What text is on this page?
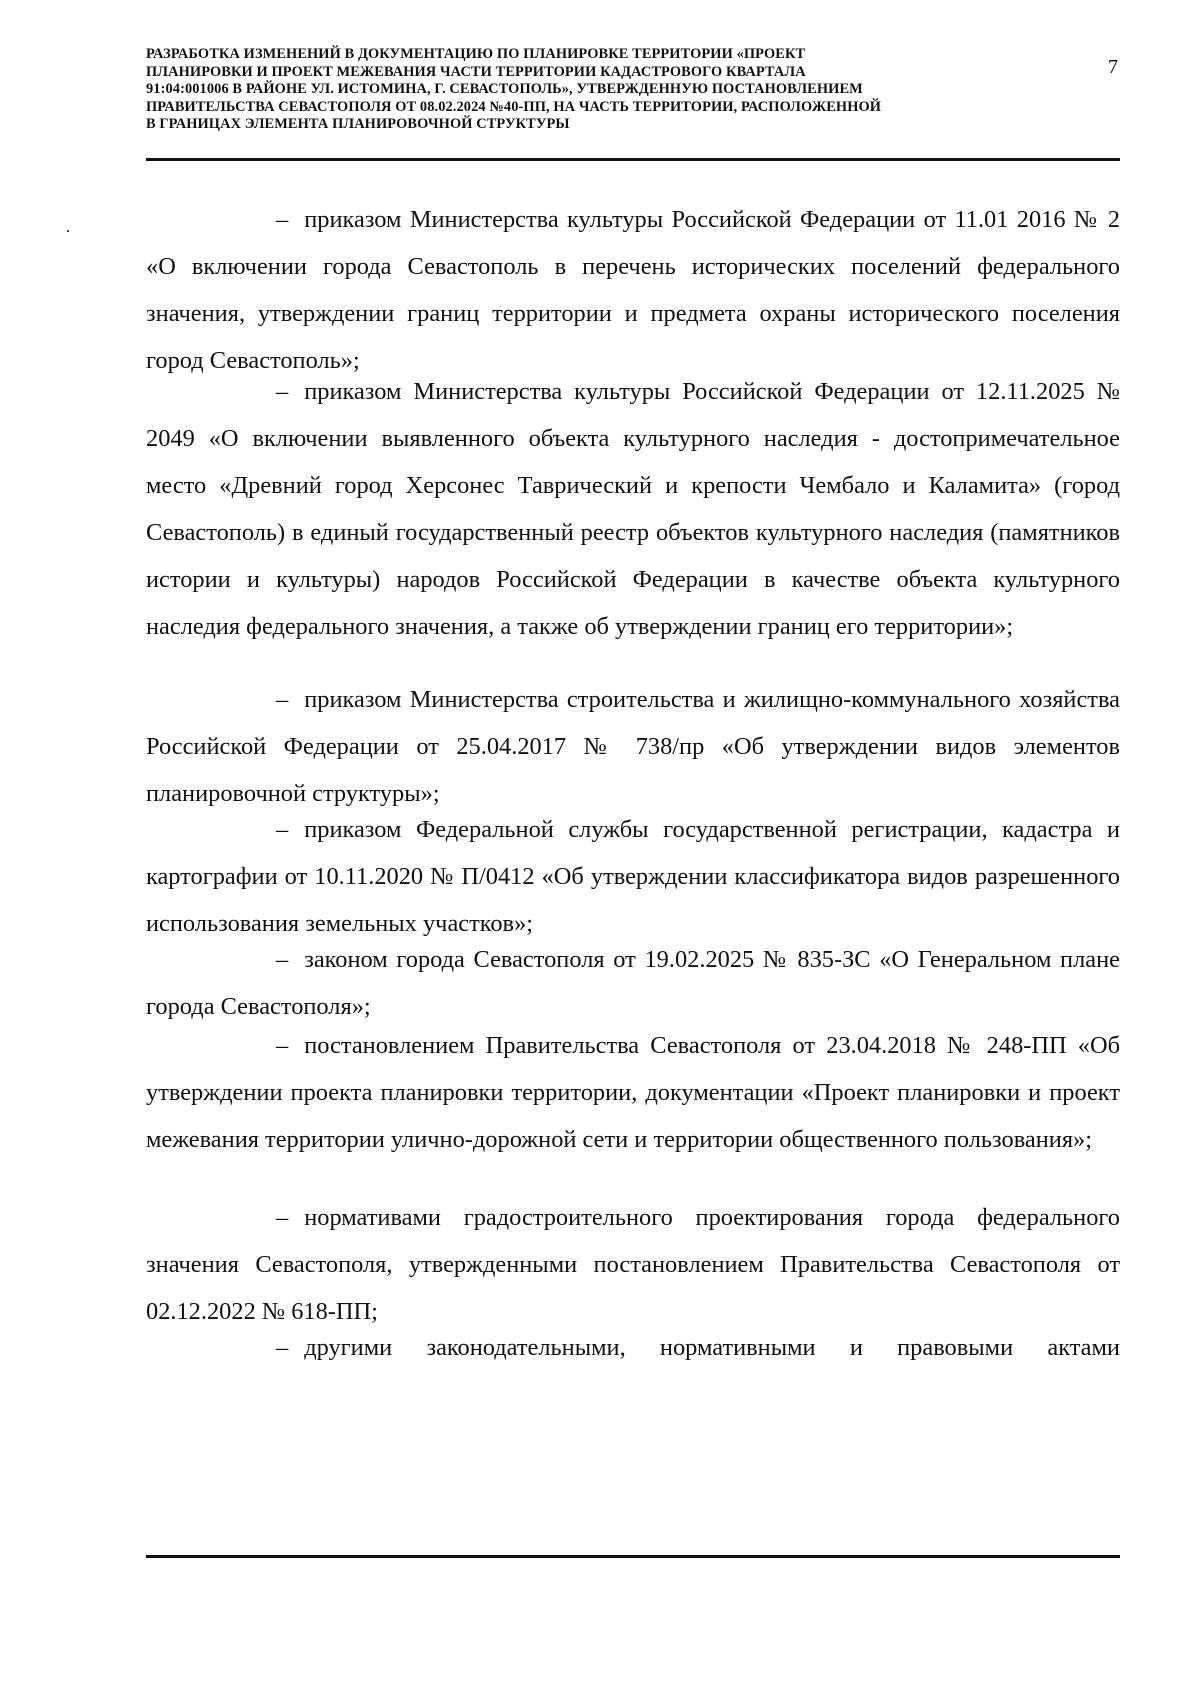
РАЗРАБОТКА ИЗМЕНЕНИЙ В ДОКУМЕНТАЦИЮ ПО ПЛАНИРОВКЕ ТЕРРИТОРИИ «ПРОЕКТ
ПЛАНИРОВКИ И ПРОЕКТ МЕЖЕВАНИЯ ЧАСТИ ТЕРРИТОРИИ КАДАСТРОВОГО КВАРТАЛА
91:04:001006 В РАЙОНЕ УЛ. ИСТОМИНА, Г. СЕВАСТОПОЛЬ», УТВЕРЖДЕННУЮ ПОСТАНОВЛЕНИЕМ
ПРАВИТЕЛЬСТВА СЕВАСТОПОЛЯ ОТ 08.02.2024 №40-ПП, НА ЧАСТЬ ТЕРРИТОРИИ, РАСПОЛОЖЕННОЙ
В ГРАНИЦАХ ЭЛЕМЕНТА ПЛАНИРОВОЧНОЙ СТРУКТУРЫ
7

– приказом Министерства культуры Российской Федерации от 11.01 2016 № 2 «О включении города Севастополь в перечень исторических поселений федерального значения, утверждении границ территории и предмета охраны исторического поселения город Севастополь»;

– приказом Министерства культуры Российской Федерации от 12.11.2025 № 2049 «О включении выявленного объекта культурного наследия - достопримечательное место «Древний город Херсонес Таврический и крепости Чембало и Каламита» (город Севастополь) в единый государственный реестр объектов культурного наследия (памятников истории и культуры) народов Российской Федерации в качестве объекта культурного наследия федерального значения, а также об утверждении границ его территории»;

– приказом Министерства строительства и жилищно-коммунального хозяйства Российской Федерации от 25.04.2017 № 738/пр «Об утверждении видов элементов планировочной структуры»;

– приказом Федеральной службы государственной регистрации, кадастра и картографии от 10.11.2020 № П/0412 «Об утверждении классификатора видов разрешенного использования земельных участков»;

– законом города Севастополя от 19.02.2025 № 835-ЗС «О Генеральном плане города Севастополя»;

– постановлением Правительства Севастополя от 23.04.2018 № 248-ПП «Об утверждении проекта планировки территории, документации «Проект планировки и проект межевания территории улично-дорожной сети и территории общественного пользования»;

– нормативами градостроительного проектирования города федерального значения Севастополя, утвержденными постановлением Правительства Севастополя от 02.12.2022 № 618-ПП;

– другими законодательными, нормативными и правовыми актами
